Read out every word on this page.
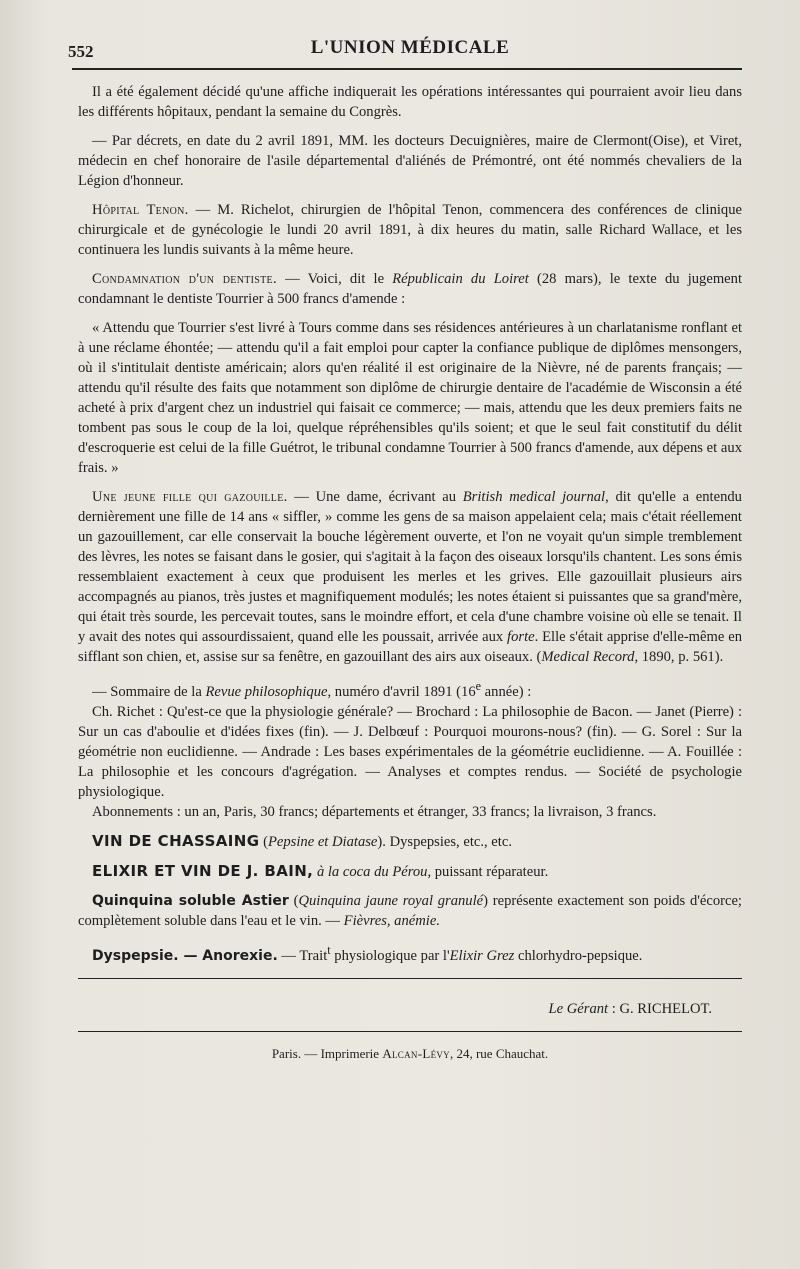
552	L'UNION MÉDICALE

Il a été également décidé qu'une affiche indiquerait les opérations intéressantes qui pourraient avoir lieu dans les différents hôpitaux, pendant la semaine du Congrès.

— Par décrets, en date du 2 avril 1891, MM. les docteurs Decuignières, maire de Clermont(Oise), et Viret, médecin en chef honoraire de l'asile départemental d'aliénés de Prémontré, ont été nommés chevaliers de la Légion d'honneur.

Hôpital Tenon. — M. Richelot, chirurgien de l'hôpital Tenon, commencera des conférences de clinique chirurgicale et de gynécologie le lundi 20 avril 1891, à dix heures du matin, salle Richard Wallace, et les continuera les lundis suivants à la même heure.

Condamnation d'un dentiste. — Voici, dit le Républicain du Loiret (28 mars), le texte du jugement condamnant le dentiste Tourrier à 500 francs d'amende :

« Attendu que Tourrier s'est livré à Tours comme dans ses résidences antérieures à un charlatanisme ronflant et à une réclame éhontée; — attendu qu'il a fait emploi pour capter la confiance publique de diplômes mensongers, où il s'intitulait dentiste américain; alors qu'en réalité il est originaire de la Nièvre, né de parents français; — attendu qu'il résulte des faits que notamment son diplôme de chirurgie dentaire de l'académie de Wisconsin a été acheté à prix d'argent chez un industriel qui faisait ce commerce; — mais, attendu que les deux premiers faits ne tombent pas sous le coup de la loi, quelque répréhensibles qu'ils soient; et que le seul fait constitutif du délit d'escroquerie est celui de la fille Guétrot, le tribunal condamne Tourrier à 500 francs d'amende, aux dépens et aux frais. »

Une jeune fille qui gazouille. — Une dame, écrivant au British medical journal, dit qu'elle a entendu dernièrement une fille de 14 ans « siffler, » comme les gens de sa maison appelaient cela; mais c'était réellement un gazouillement, car elle conservait la bouche légèrement ouverte, et l'on ne voyait qu'un simple tremblement des lèvres, les notes se faisant dans le gosier, qui s'agitait à la façon des oiseaux lorsqu'ils chantent. Les sons émis ressemblaient exactement à ceux que produisent les merles et les grives. Elle gazouillait plusieurs airs accompagnés au pianos, très justes et magnifiquement modulés; les notes étaient si puissantes que sa grand'mère, qui était très sourde, les percevait toutes, sans le moindre effort, et cela d'une chambre voisine où elle se tenait. Il y avait des notes qui assourdissaient, quand elle les poussait, arrivée aux forte. Elle s'était apprise d'elle-même en sifflant son chien, et, assise sur sa fenêtre, en gazouillant des airs aux oiseaux. (Medical Record, 1890, p. 561).

— Sommaire de la Revue philosophique, numéro d'avril 1891 (16e année) :

Ch. Richet : Qu'est-ce que la physiologie générale? — Brochard : La philosophie de Bacon. — Janet (Pierre) : Sur un cas d'aboulie et d'idées fixes (fin). — J. Delbœuf : Pourquoi mourons-nous? (fin). — G. Sorel : Sur la géométrie non euclidienne. — Andrade : Les bases expérimentales de la géométrie euclidienne. — A. Fouillée : La philosophie et les concours d'agrégation. — Analyses et comptes rendus. — Société de psychologie physiologique.

Abonnements : un an, Paris, 30 francs; départements et étranger, 33 francs; la livraison, 3 francs.

VIN DE CHASSAING (Pepsine et Diatase). Dyspepsies, etc., etc.
ELIXIR ET VIN DE J. BAIN, à la coca du Pérou, puissant réparateur.
Quinquina soluble Astier (Quinquina jaune royal granulé) représente exactement son poids d'écorce; complètement soluble dans l'eau et le vin. — Fièvres, anémie.
Dyspepsie. — Anorexie. — Trait$^t$ physiologique par l'Elixir Grez chlorhydro-pepsique.
Le Gérant : G. RICHELOT.
Paris. — Imprimerie Alcan-Lévy, 24, rue Chauchat.
